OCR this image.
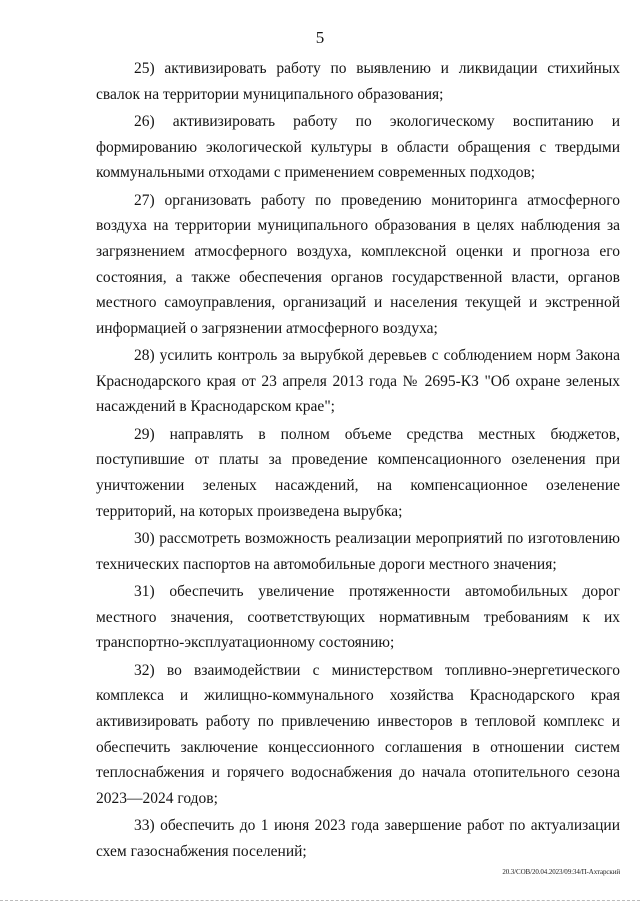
5

25) активизировать работу по выявлению и ликвидации стихийных свалок на территории муниципального образования;

26) активизировать работу по экологическому воспитанию и формированию экологической культуры в области обращения с твердыми коммунальными отходами с применением современных подходов;

27) организовать работу по проведению мониторинга атмосферного воздуха на территории муниципального образования в целях наблюдения за загрязнением атмосферного воздуха, комплексной оценки и прогноза его состояния, а также обеспечения органов государственной власти, органов местного самоуправления, организаций и населения текущей и экстренной информацией о загрязнении атмосферного воздуха;

28) усилить контроль за вырубкой деревьев с соблюдением норм Закона Краснодарского края от 23 апреля 2013 года № 2695-КЗ "Об охране зеленых насаждений в Краснодарском крае";

29) направлять в полном объеме средства местных бюджетов, поступившие от платы за проведение компенсационного озеленения при уничтожении зеленых насаждений, на компенсационное озеленение территорий, на которых произведена вырубка;

30) рассмотреть возможность реализации мероприятий по изготовлению технических паспортов на автомобильные дороги местного значения;

31) обеспечить увеличение протяженности автомобильных дорог местного значения, соответствующих нормативным требованиям к их транспортно-эксплуатационному состоянию;

32) во взаимодействии с министерством топливно-энергетического комплекса и жилищно-коммунального хозяйства Краснодарского края активизировать работу по привлечению инвесторов в тепловой комплекс и обеспечить заключение концессионного соглашения в отношении систем теплоснабжения и горячего водоснабжения до начала отопительного сезона 2023—2024 годов;

33) обеспечить до 1 июня 2023 года завершение работ по актуализации схем газоснабжения поселений;

20.3/СОВ/20.04.2023/09:34/П-Ахтарский
